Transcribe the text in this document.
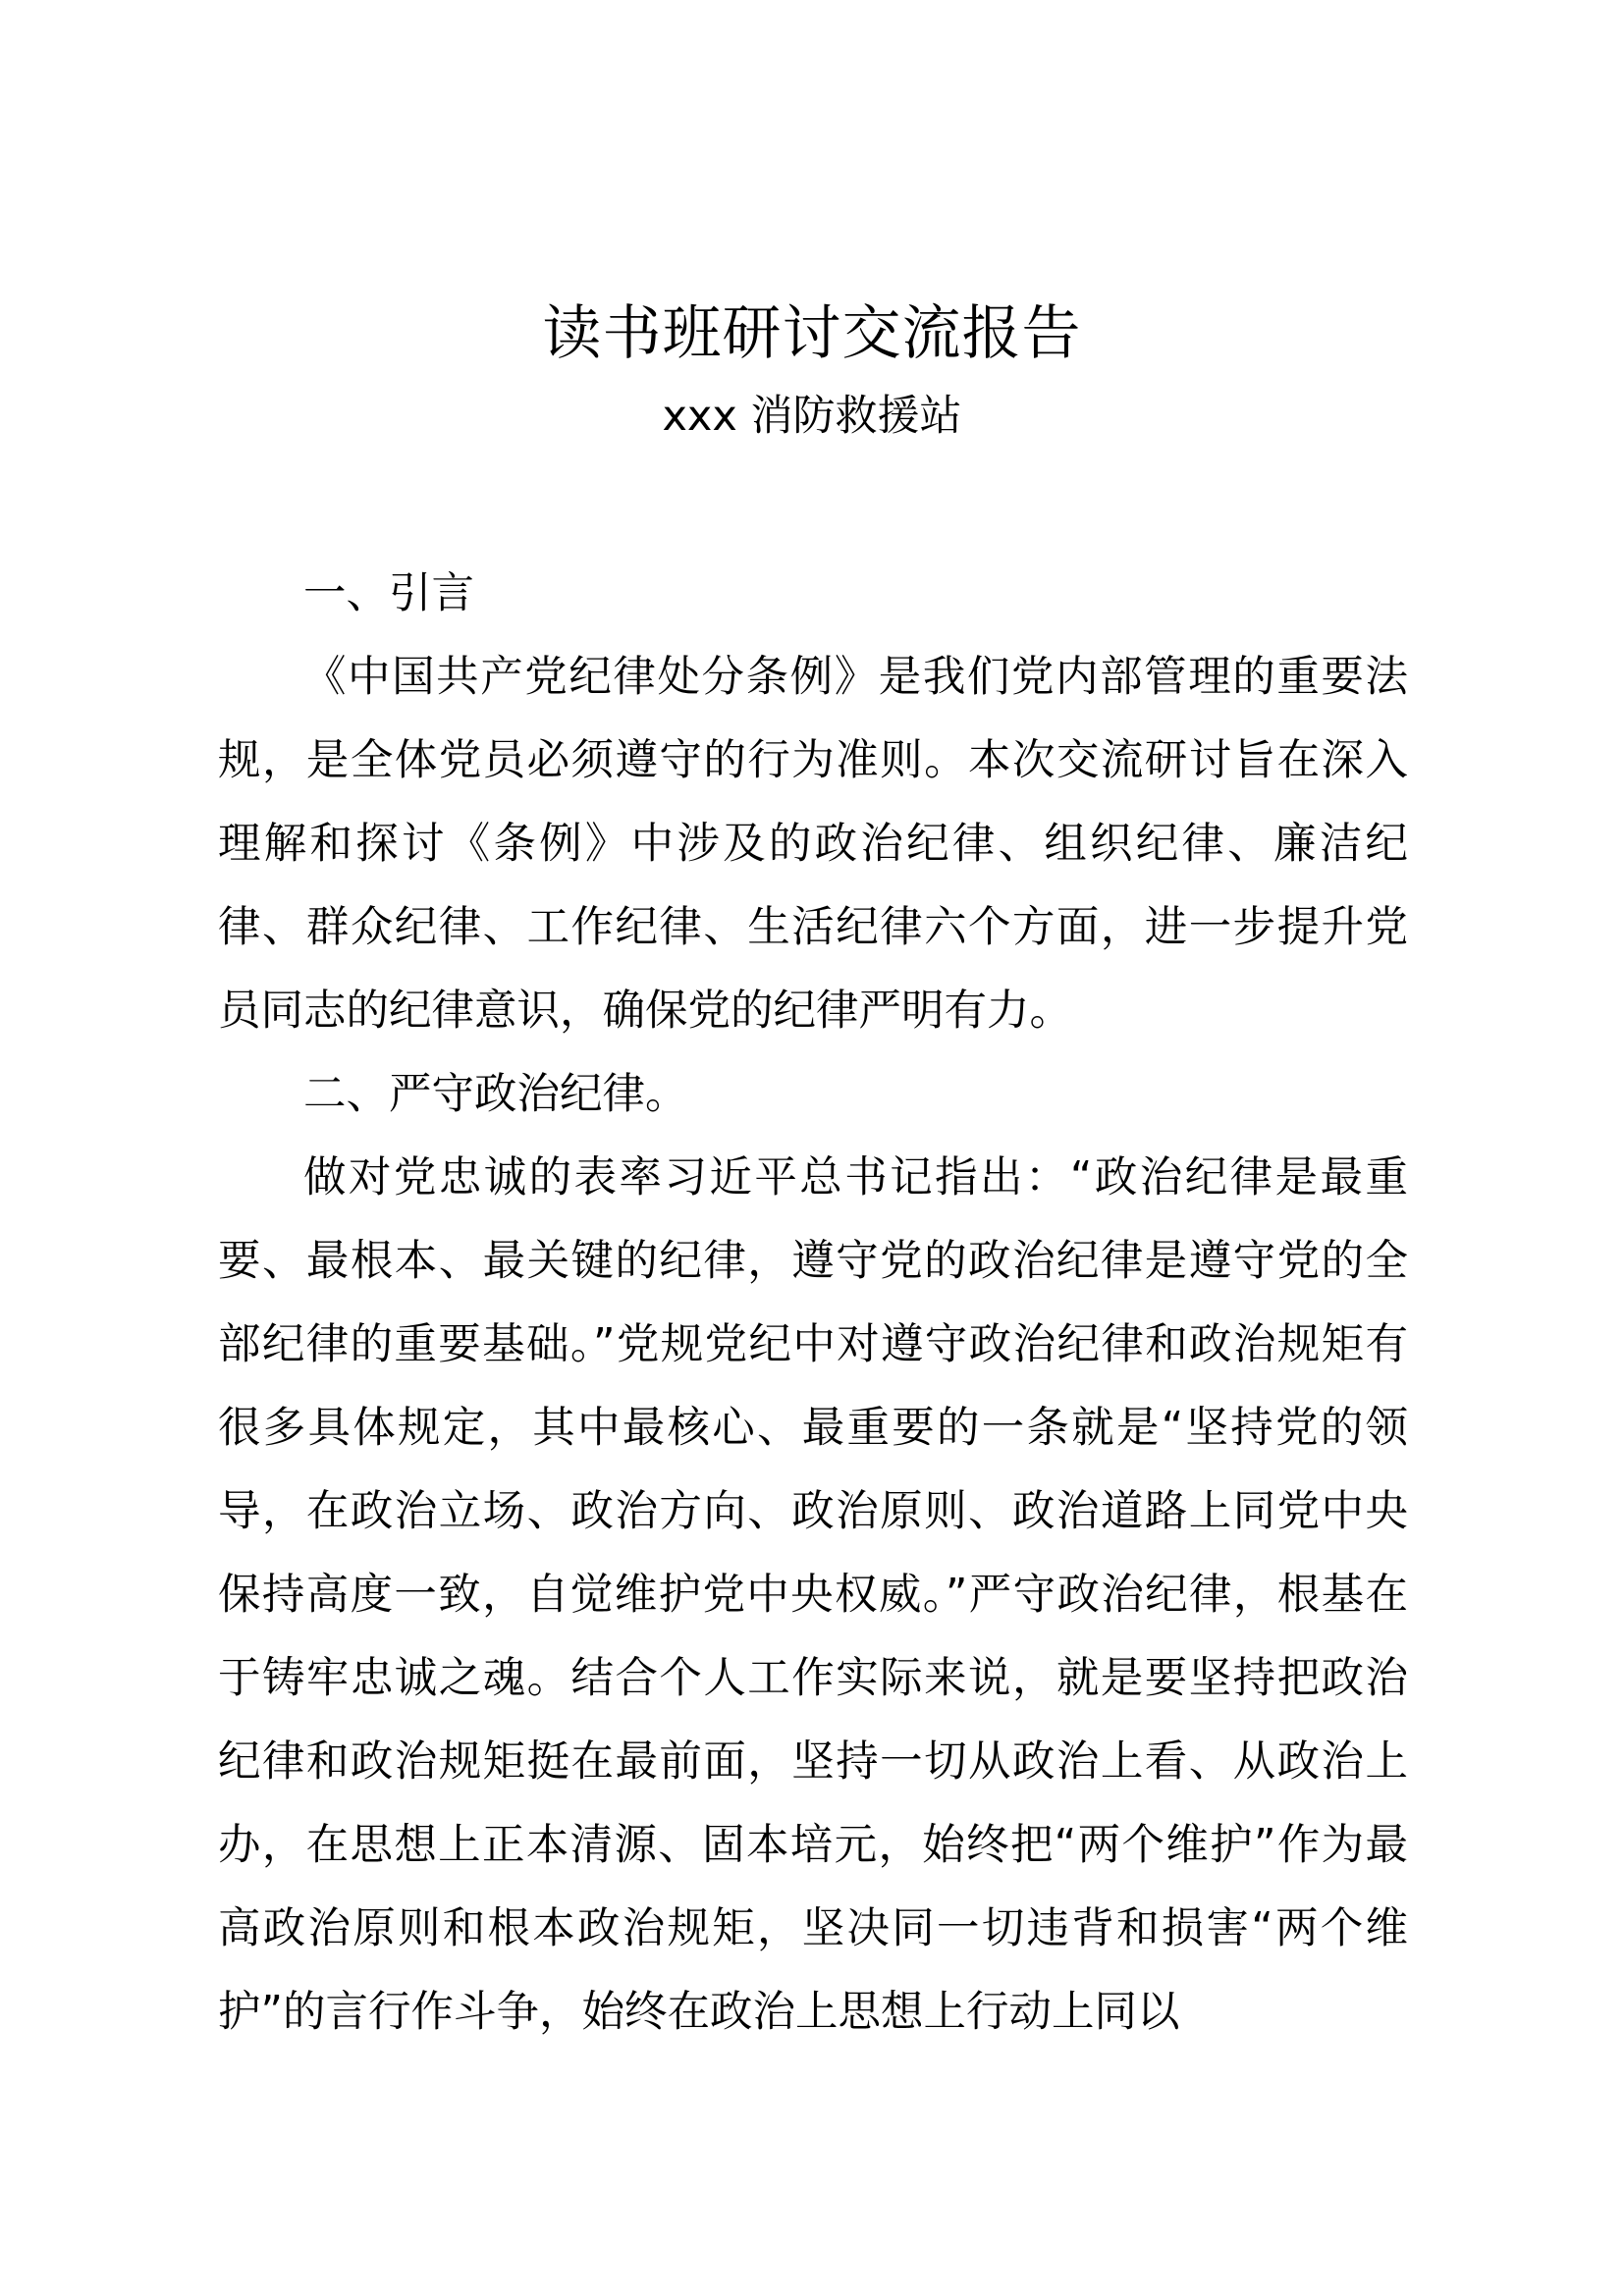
读书班研讨交流报告
xxx 消防救援站

一、引言

《中国共产党纪律处分条例》是我们党内部管理的重要法规，是全体党员必须遵守的行为准则。本次交流研讨旨在深入理解和探讨《条例》中涉及的政治纪律、组织纪律、廉洁纪律、群众纪律、工作纪律、生活纪律六个方面，进一步提升党员同志的纪律意识，确保党的纪律严明有力。

二、严守政治纪律。

做对党忠诚的表率习近平总书记指出：“政治纪律是最重要、最根本、最关键的纪律，遵守党的政治纪律是遵守党的全部纪律的重要基础。”党规党纪中对遵守政治纪律和政治规矩有很多具体规定，其中最核心、最重要的一条就是“坚持党的领导，在政治立场、政治方向、政治原则、政治道路上同党中央保持高度一致，自觉维护党中央权威。”严守政治纪律，根基在于铸牢忠诚之魂。结合个人工作实际来说，就是要坚持把政治纪律和政治规矩挺在最前面，坚持一切从政治上看、从政治上办，在思想上正本清源、固本培元，始终把“两个维护”作为最高政治原则和根本政治规矩，坚决同一切违背和损害“两个维护”的言行作斗争，始终在政治上思想上行动上同以
